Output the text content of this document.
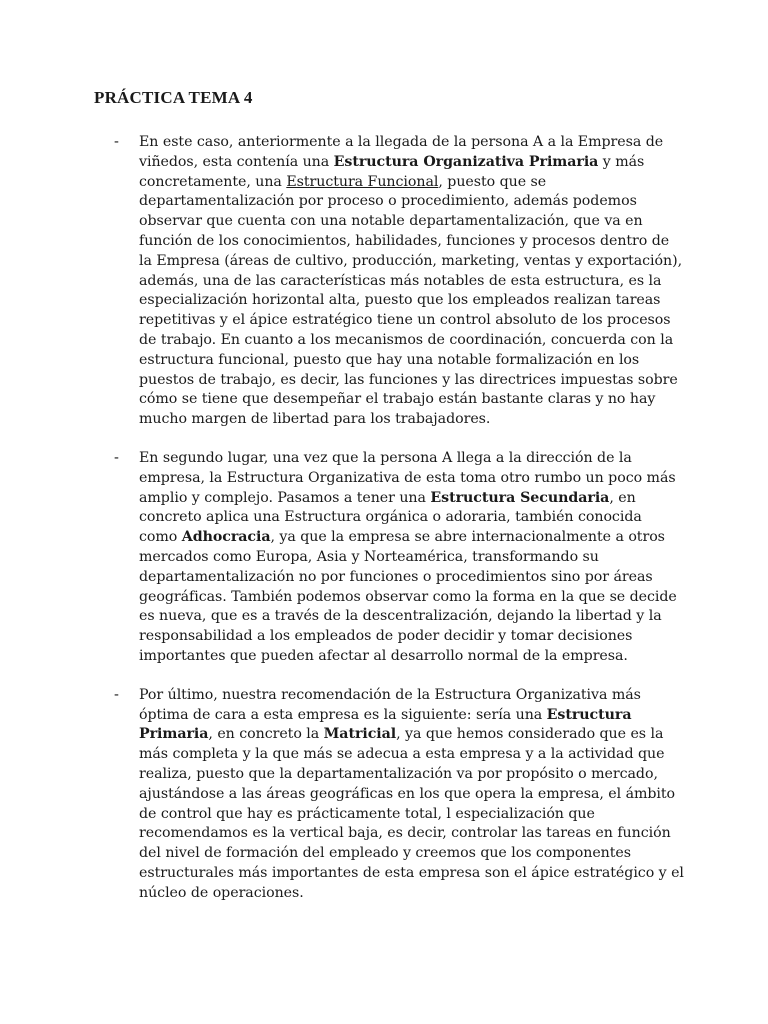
PRÁCTICA TEMA 4
- En este caso, anteriormente a la llegada de la persona A a la Empresa de viñedos, esta contenía una Estructura Organizativa Primaria y más concretamente, una Estructura Funcional, puesto que se departamentalización por proceso o procedimiento, además podemos observar que cuenta con una notable departamentalización, que va en función de los conocimientos, habilidades, funciones y procesos dentro de la Empresa (áreas de cultivo, producción, marketing, ventas y exportación), además, una de las características más notables de esta estructura, es la especialización horizontal alta, puesto que los empleados realizan tareas repetitivas y el ápice estratégico tiene un control absoluto de los procesos de trabajo. En cuanto a los mecanismos de coordinación, concuerda con la estructura funcional, puesto que hay una notable formalización en los puestos de trabajo, es decir, las funciones y las directrices impuestas sobre cómo se tiene que desempeñar el trabajo están bastante claras y no hay mucho margen de libertad para los trabajadores.

- En segundo lugar, una vez que la persona A llega a la dirección de la empresa, la Estructura Organizativa de esta toma otro rumbo un poco más amplio y complejo. Pasamos a tener una Estructura Secundaria, en concreto aplica una Estructura orgánica o adoraria, también conocida como Adhocracia, ya que la empresa se abre internacionalmente a otros mercados como Europa, Asia y Norteamérica, transformando su departamentalización no por funciones o procedimientos sino por áreas geográficas. También podemos observar como la forma en la que se decide es nueva, que es a través de la descentralización, dejando la libertad y la responsabilidad a los empleados de poder decidir y tomar decisiones importantes que pueden afectar al desarrollo normal de la empresa.

- Por último, nuestra recomendación de la Estructura Organizativa más óptima de cara a esta empresa es la siguiente: sería una Estructura Primaria, en concreto la Matricial, ya que hemos considerado que es la más completa y la que más se adecua a esta empresa y a la actividad que realiza, puesto que la departamentalización va por propósito o mercado, ajustándose a las áreas geográficas en los que opera la empresa, el ámbito de control que hay es prácticamente total, l especialización que recomendamos es la vertical baja, es decir, controlar las tareas en función del nivel de formación del empleado y creemos que los componentes estructurales más importantes de esta empresa son el ápice estratégico y el núcleo de operaciones.
